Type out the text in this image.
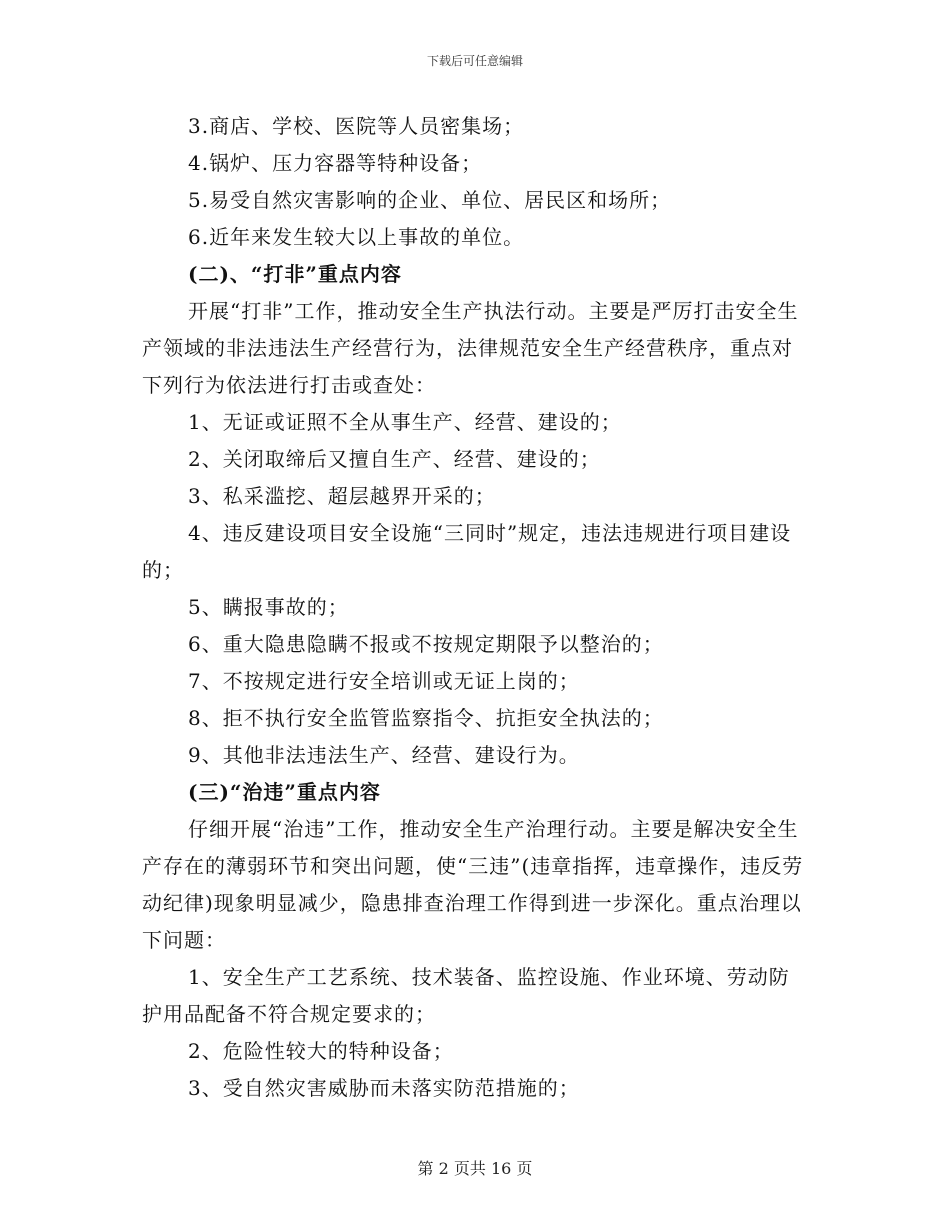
下载后可任意编辑

3.商店、学校、医院等人员密集场；

4.锅炉、压力容器等特种设备；

5.易受自然灾害影响的企业、单位、居民区和场所；

6.近年来发生较大以上事故的单位。

(二)、“打非”重点内容

开展“打非”工作，推动安全生产执法行动。主要是严厉打击安全生产领域的非法违法生产经营行为，法律规范安全生产经营秩序，重点对下列行为依法进行打击或查处：

1、无证或证照不全从事生产、经营、建设的；

2、关闭取缔后又擅自生产、经营、建设的；

3、私采滥挖、超层越界开采的；

4、违反建设项目安全设施“三同时”规定，违法违规进行项目建设的；

5、瞒报事故的；

6、重大隐患隐瞒不报或不按规定期限予以整治的；

7、不按规定进行安全培训或无证上岗的；

8、拒不执行安全监管监察指令、抗拒安全执法的；

9、其他非法违法生产、经营、建设行为。

(三)“治违”重点内容

仔细开展“治违”工作，推动安全生产治理行动。主要是解决安全生产存在的薄弱环节和突出问题，使“三违”(违章指挥，违章操作，违反劳动纪律)现象明显减少，隐患排查治理工作得到进一步深化。重点治理以下问题：

1、安全生产工艺系统、技术装备、监控设施、作业环境、劳动防护用品配备不符合规定要求的；

2、危险性较大的特种设备；

3、受自然灾害威胁而未落实防范措施的；

第 2 页共 16 页
